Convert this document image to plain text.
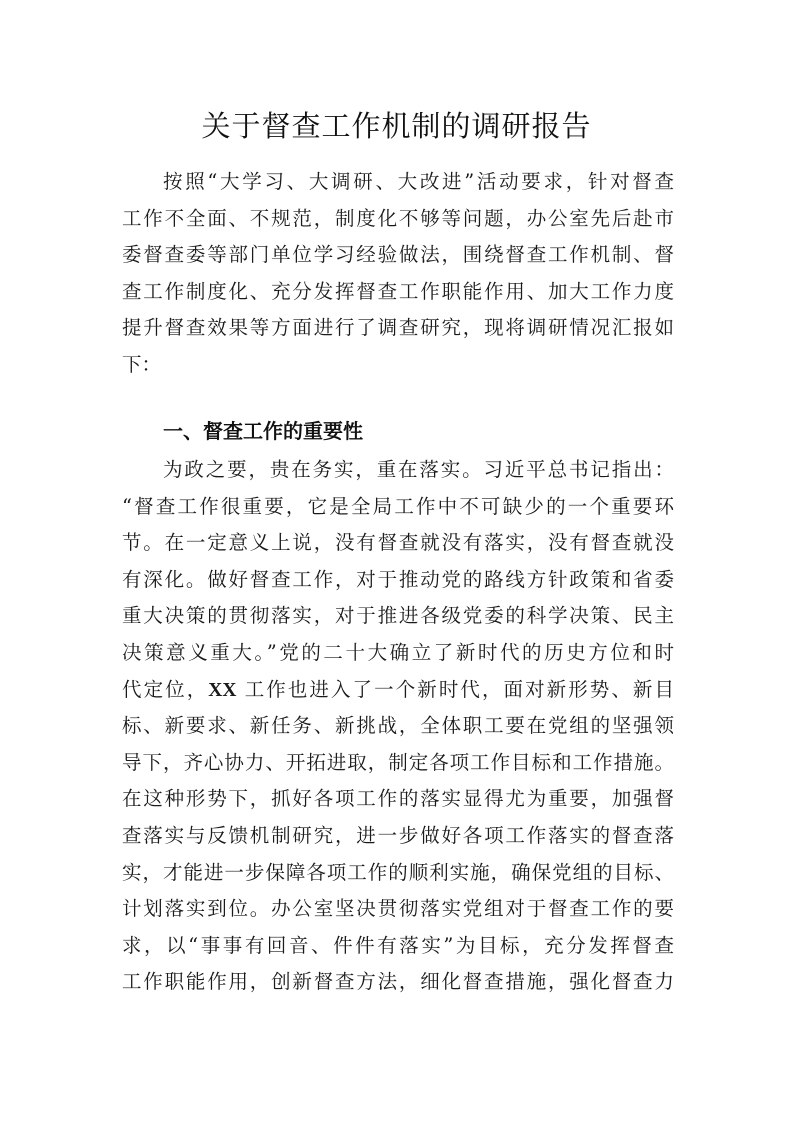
关于督查工作机制的调研报告
按照“大学习、大调研、大改进”活动要求，针对督查
工作不全面、不规范，制度化不够等问题，办公室先后赴市
委督查委等部门单位学习经验做法，围绕督查工作机制、督
查工作制度化、充分发挥督查工作职能作用、加大工作力度
提升督查效果等方面进行了调查研究，现将调研情况汇报如
下：
一、督查工作的重要性
为政之要，贵在务实，重在落实。习近平总书记指出：
“督查工作很重要，它是全局工作中不可缺少的一个重要环
节。在一定意义上说，没有督查就没有落实，没有督查就没
有深化。做好督查工作，对于推动党的路线方针政策和省委
重大决策的贯彻落实，对于推进各级党委的科学决策、民主
决策意义重大。”党的二十大确立了新时代的历史方位和时
代定位，XX 工作也进入了一个新时代，面对新形势、新目
标、新要求、新任务、新挑战，全体职工要在党组的坚强领
导下，齐心协力、开拓进取，制定各项工作目标和工作措施。
在这种形势下，抓好各项工作的落实显得尤为重要，加强督
查落实与反馈机制研究，进一步做好各项工作落实的督查落
实，才能进一步保障各项工作的顺利实施，确保党组的目标、
计划落实到位。办公室坚决贯彻落实党组对于督查工作的要
求，以“事事有回音、件件有落实”为目标，充分发挥督查
工作职能作用，创新督查方法，细化督查措施，强化督查力
